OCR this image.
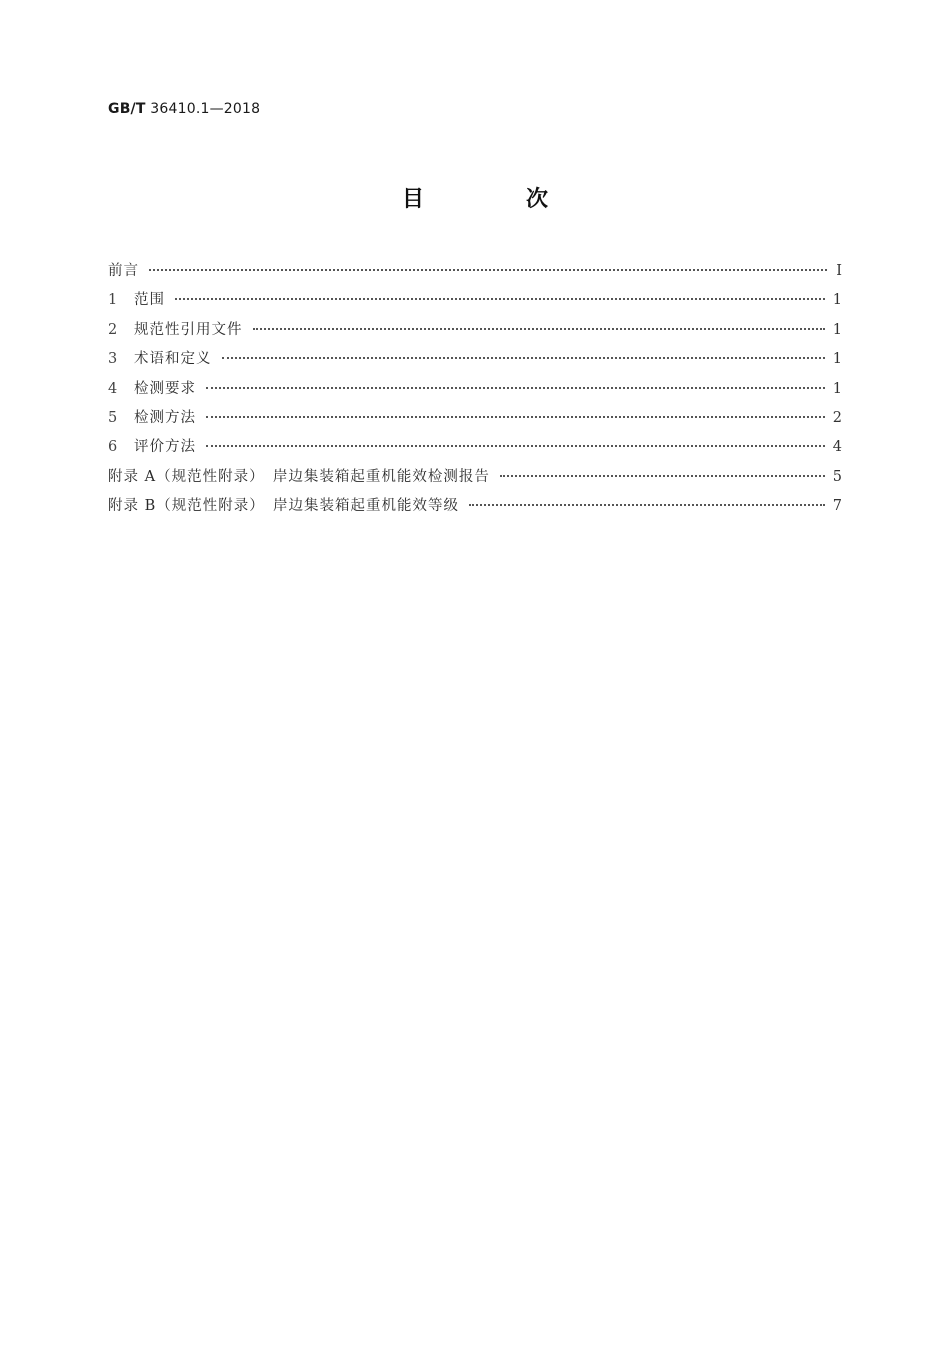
GB/T 36410.1—2018
目　次
前言	Ⅰ
1	范围	1
2	规范性引用文件	1
3	术语和定义	1
4	检测要求	1
5	检测方法	2
6	评价方法	4
附录 A（规范性附录）　岸边集装箱起重机能效检测报告	5
附录 B（规范性附录）　岸边集装箱起重机能效等级	7
